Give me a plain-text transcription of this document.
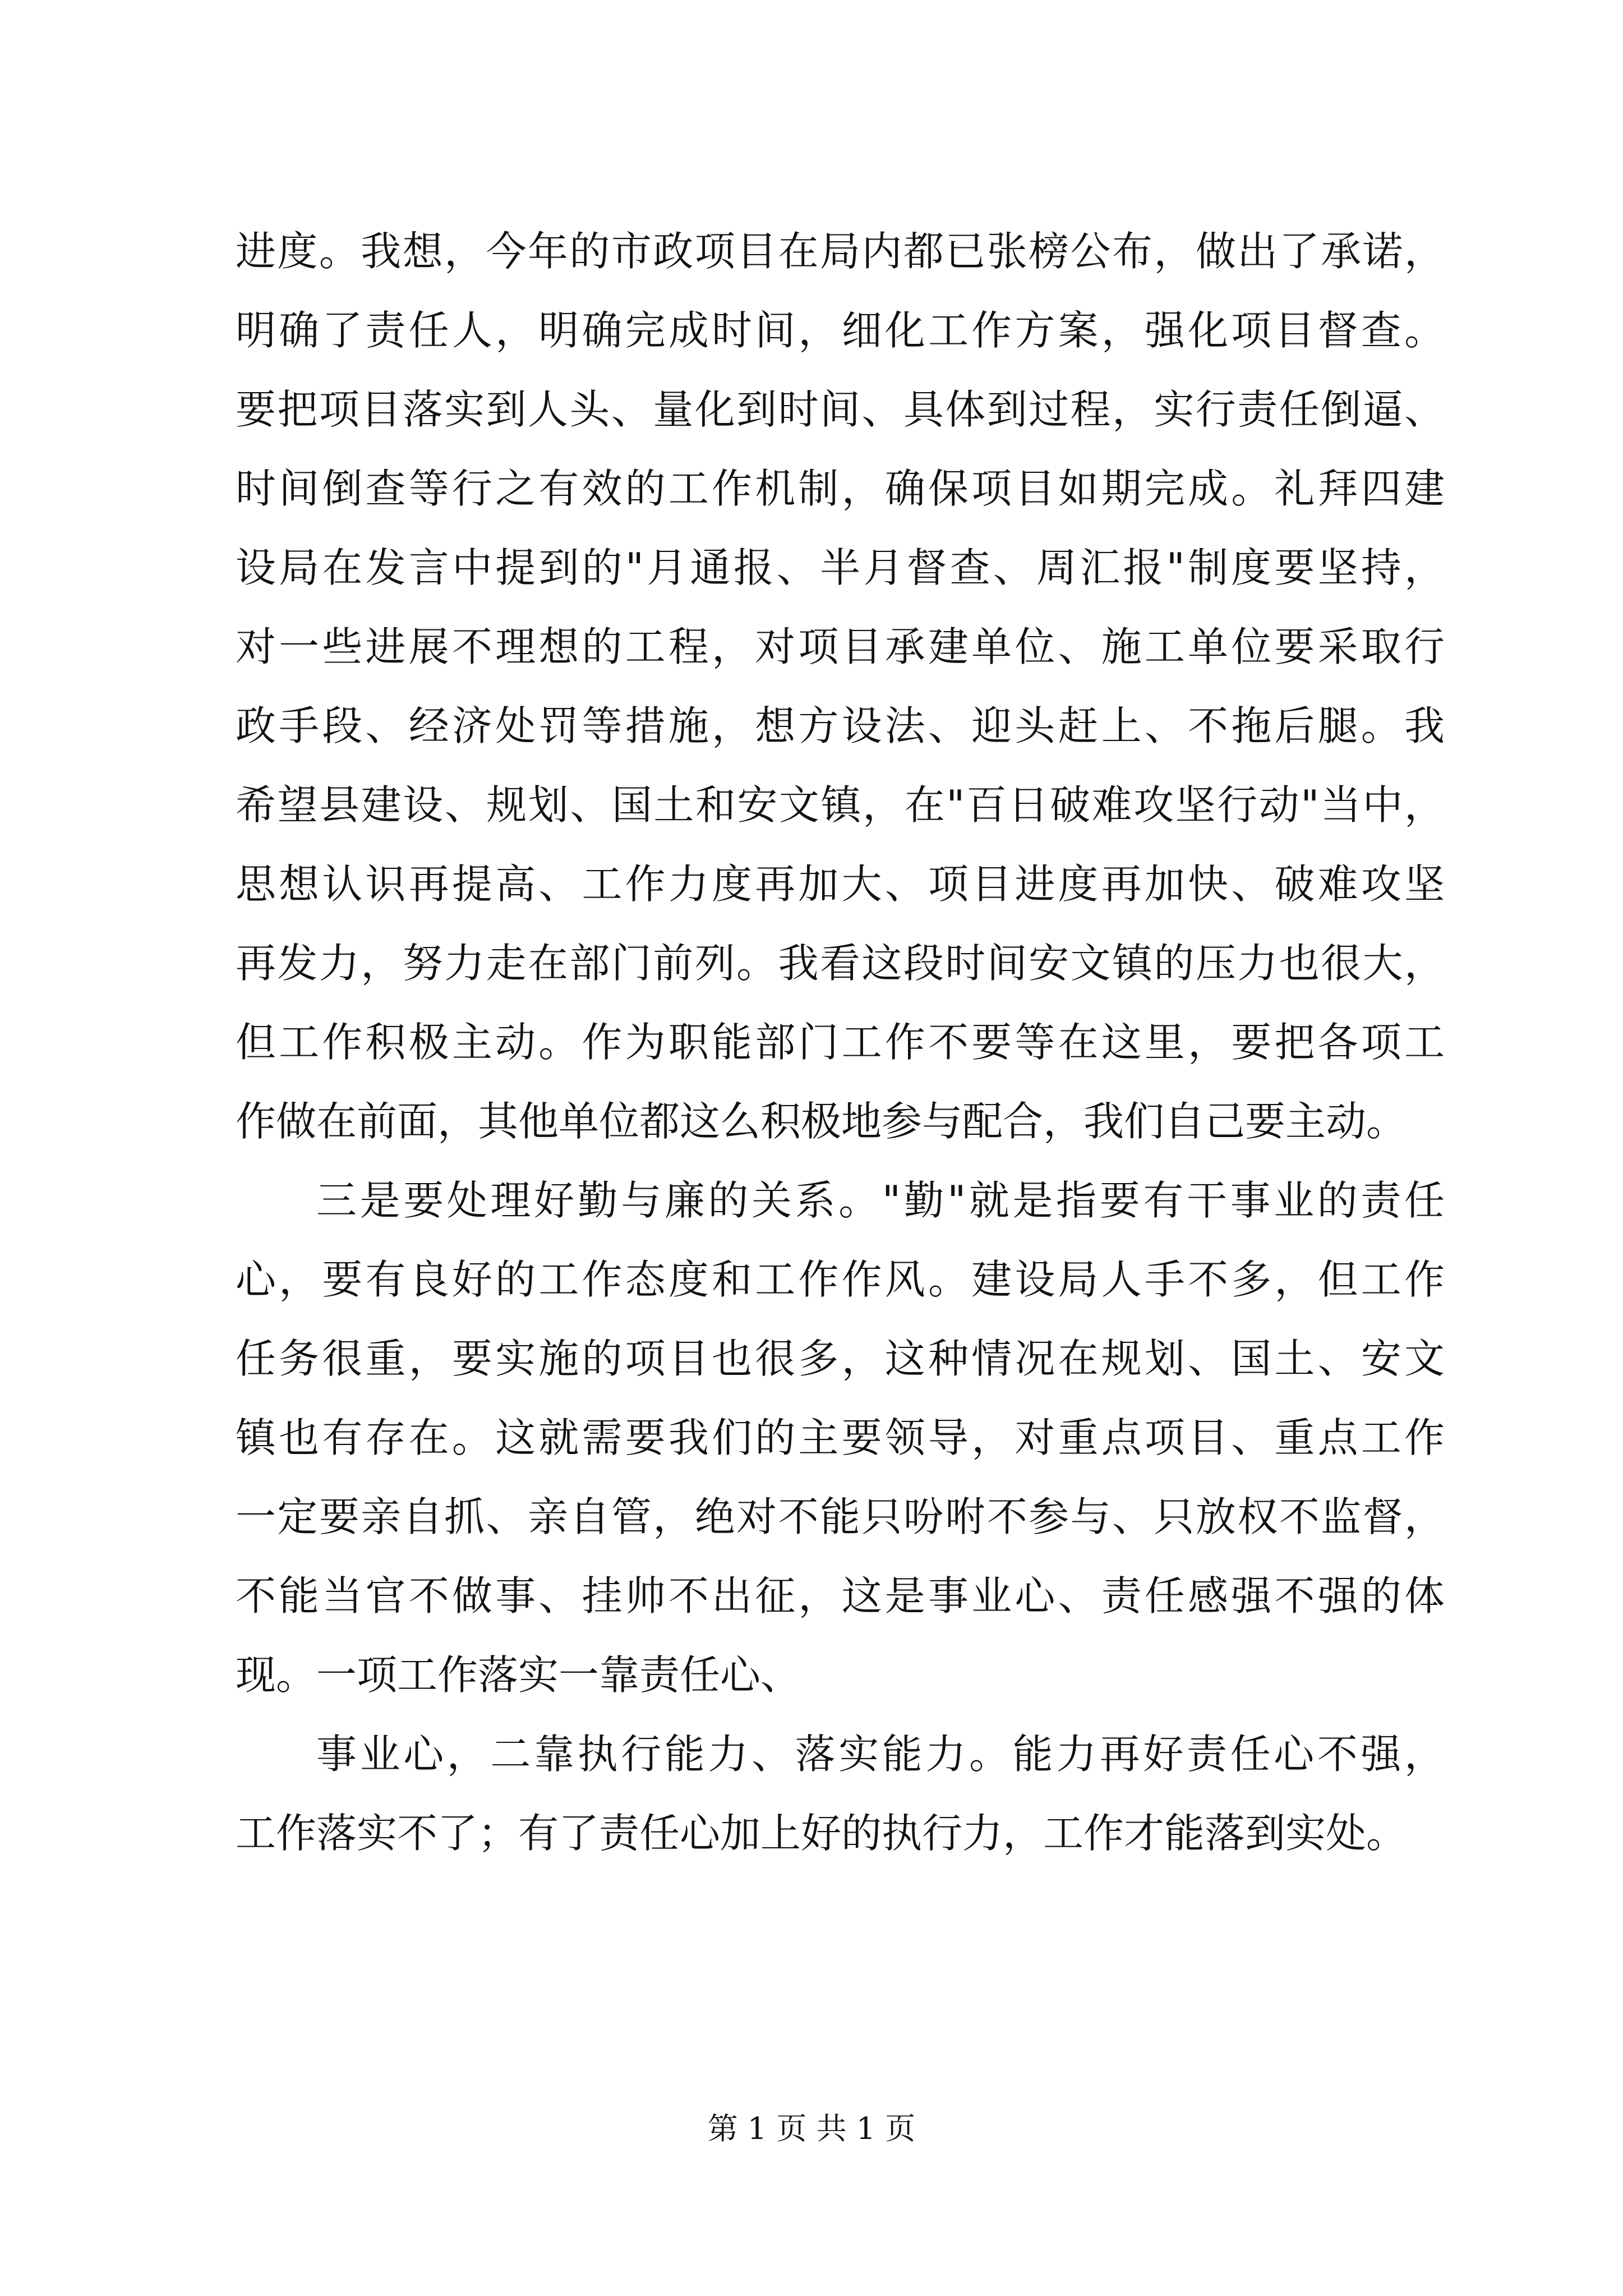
进度。我想，今年的市政项目在局内都已张榜公布，做出了承诺，
明确了责任人，明确完成时间，细化工作方案，强化项目督查。
要把项目落实到人头、量化到时间、具体到过程，实行责任倒逼、
时间倒查等行之有效的工作机制，确保项目如期完成。礼拜四建
设局在发言中提到的"月通报、半月督查、周汇报"制度要坚持，
对一些进展不理想的工程，对项目承建单位、施工单位要采取行
政手段、经济处罚等措施，想方设法、迎头赶上、不拖后腿。我
希望县建设、规划、国土和安文镇，在"百日破难攻坚行动"当中，
思想认识再提高、工作力度再加大、项目进度再加快、破难攻坚
再发力，努力走在部门前列。我看这段时间安文镇的压力也很大，
但工作积极主动。作为职能部门工作不要等在这里，要把各项工
作做在前面，其他单位都这么积极地参与配合，我们自己要主动。
三是要处理好勤与廉的关系。"勤"就是指要有干事业的责任
心，要有良好的工作态度和工作作风。建设局人手不多，但工作
任务很重，要实施的项目也很多，这种情况在规划、国土、安文
镇也有存在。这就需要我们的主要领导，对重点项目、重点工作
一定要亲自抓、亲自管，绝对不能只吩咐不参与、只放权不监督，
不能当官不做事、挂帅不出征，这是事业心、责任感强不强的体
现。一项工作落实一靠责任心、
事业心，二靠执行能力、落实能力。能力再好责任心不强，
工作落实不了；有了责任心加上好的执行力，工作才能落到实处。
第 1 页 共 1 页
